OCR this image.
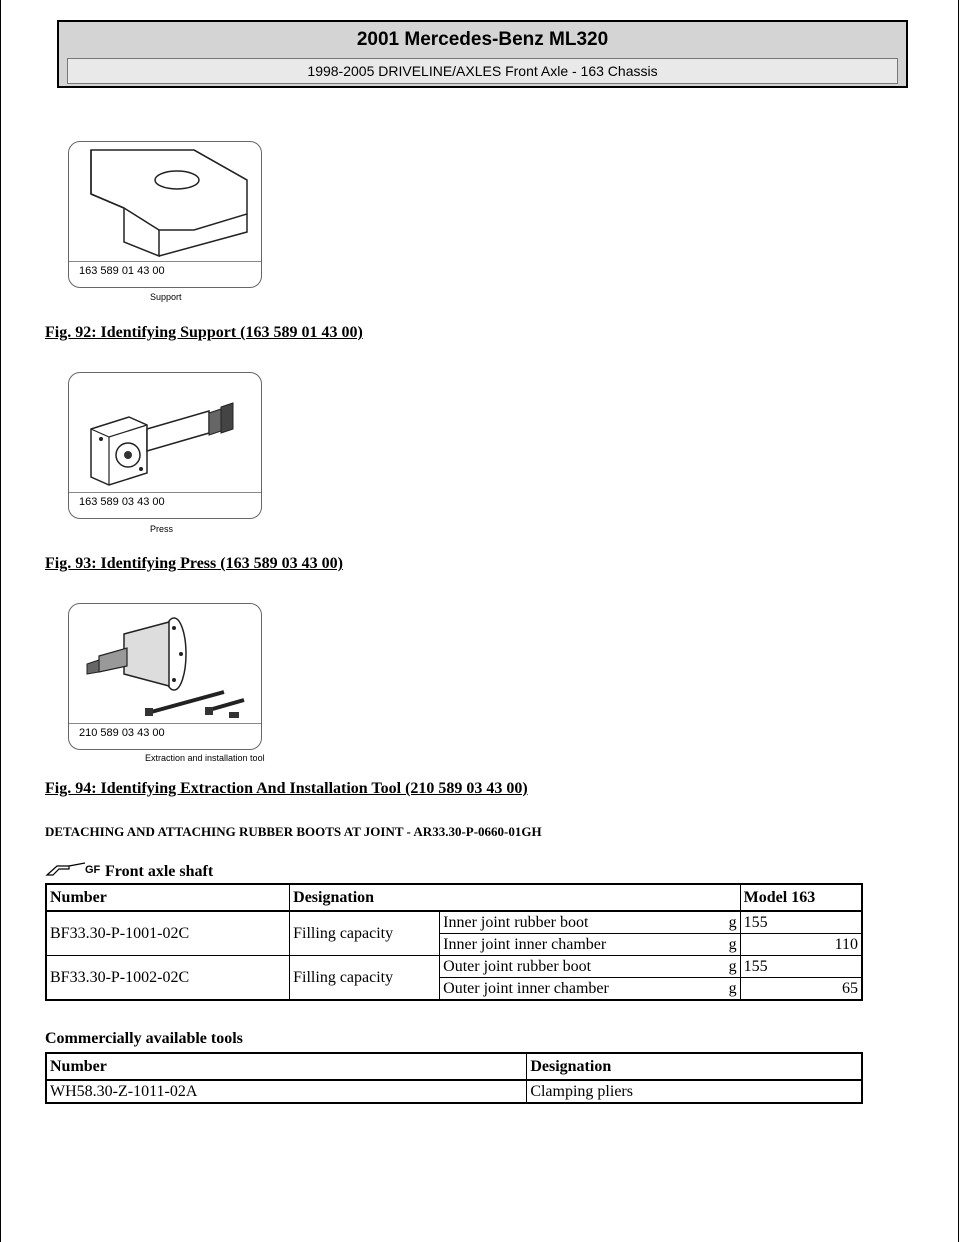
2001 Mercedes-Benz ML320
1998-2005 DRIVELINE/AXLES Front Axle - 163 Chassis
163 589 01 43 00
Support
Fig. 92: Identifying Support (163 589 01 43 00)
163 589 03 43 00
Press
Fig. 93: Identifying Press (163 589 03 43 00)
210 589 03 43 00
Extraction and installation tool
Fig. 94: Identifying Extraction And Installation Tool (210 589 03 43 00)
DETACHING AND ATTACHING RUBBER BOOTS AT JOINT - AR33.30-P-0660-01GH
GF Front axle shaft
Number	Designation			Model 163
BF33.30-P-1001-02C	Filling capacity	Inner joint rubber boot	g	155
		Inner joint inner chamber	g	110
BF33.30-P-1002-02C	Filling capacity	Outer joint rubber boot	g	155
		Outer joint inner chamber	g	65
Commercially available tools
Number	Designation
WH58.30-Z-1011-02A	Clamping pliers
